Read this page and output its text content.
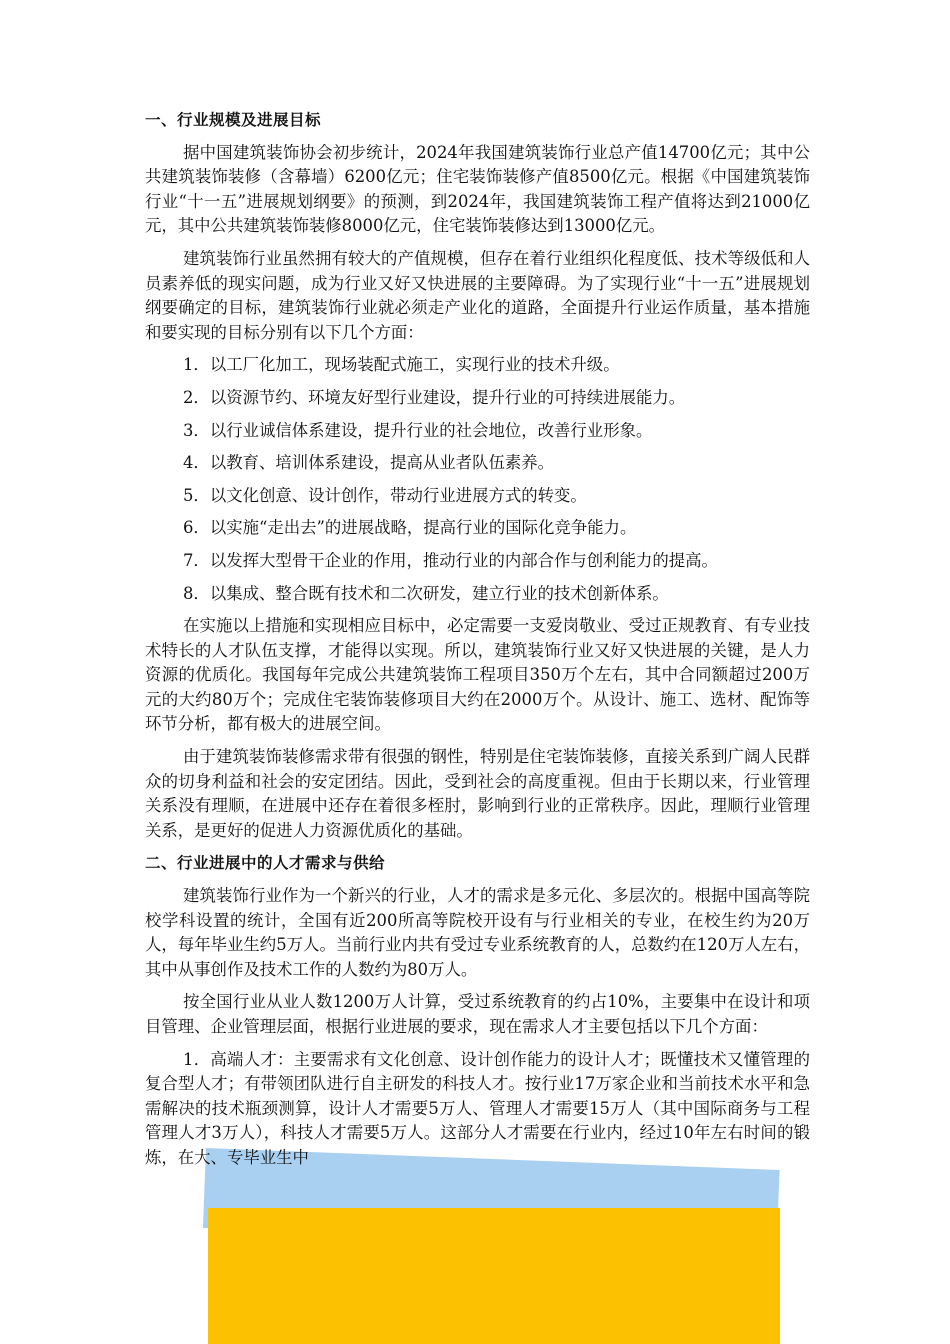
一、行业规模及进展目标

据中国建筑装饰协会初步统计，2024年我国建筑装饰行业总产值14700亿元；其中公共建筑装饰装修（含幕墙）6200亿元；住宅装饰装修产值8500亿元。根据《中国建筑装饰行业“十一五”进展规划纲要》的预测，到2024年，我国建筑装饰工程产值将达到21000亿元，其中公共建筑装饰装修8000亿元，住宅装饰装修达到13000亿元。

建筑装饰行业虽然拥有较大的产值规模，但存在着行业组织化程度低、技术等级低和人员素养低的现实问题，成为行业又好又快进展的主要障碍。为了实现行业“十一五”进展规划纲要确定的目标，建筑装饰行业就必须走产业化的道路，全面提升行业运作质量，基本措施和要实现的目标分别有以下几个方面：

1．以工厂化加工，现场装配式施工，实现行业的技术升级。

2．以资源节约、环境友好型行业建设，提升行业的可持续进展能力。

3．以行业诚信体系建设，提升行业的社会地位，改善行业形象。

4．以教育、培训体系建设，提高从业者队伍素养。

5．以文化创意、设计创作，带动行业进展方式的转变。

6．以实施“走出去”的进展战略，提高行业的国际化竞争能力。

7．以发挥大型骨干企业的作用，推动行业的内部合作与创利能力的提高。

8．以集成、整合既有技术和二次研发，建立行业的技术创新体系。

在实施以上措施和实现相应目标中，必定需要一支爱岗敬业、受过正规教育、有专业技术特长的人才队伍支撑，才能得以实现。所以，建筑装饰行业又好又快进展的关键，是人力资源的优质化。我国每年完成公共建筑装饰工程项目350万个左右，其中合同额超过200万元的大约80万个；完成住宅装饰装修项目大约在2000万个。从设计、施工、选材、配饰等环节分析，都有极大的进展空间。

由于建筑装饰装修需求带有很强的钢性，特别是住宅装饰装修，直接关系到广阔人民群众的切身利益和社会的安定团结。因此，受到社会的高度重视。但由于长期以来，行业管理关系没有理顺，在进展中还存在着很多桎肘，影响到行业的正常秩序。因此，理顺行业管理关系，是更好的促进人力资源优质化的基础。

二、行业进展中的人才需求与供给

建筑装饰行业作为一个新兴的行业，人才的需求是多元化、多层次的。根据中国高等院校学科设置的统计，全国有近200所高等院校开设有与行业相关的专业，在校生约为20万人，每年毕业生约5万人。当前行业内共有受过专业系统教育的人，总数约在120万人左右，其中从事创作及技术工作的人数约为80万人。

按全国行业从业人数1200万人计算，受过系统教育的约占10%，主要集中在设计和项目管理、企业管理层面，根据行业进展的要求，现在需求人才主要包括以下几个方面：

1．高端人才：主要需求有文化创意、设计创作能力的设计人才；既懂技术又懂管理的复合型人才；有带领团队进行自主研发的科技人才。按行业17万家企业和当前技术水平和急需解决的技术瓶颈测算，设计人才需要5万人、管理人才需要15万人（其中国际商务与工程管理人才3万人），科技人才需要5万人。这部分人才需要在行业内，经过10年左右时间的锻炼，在大、专毕业生中
